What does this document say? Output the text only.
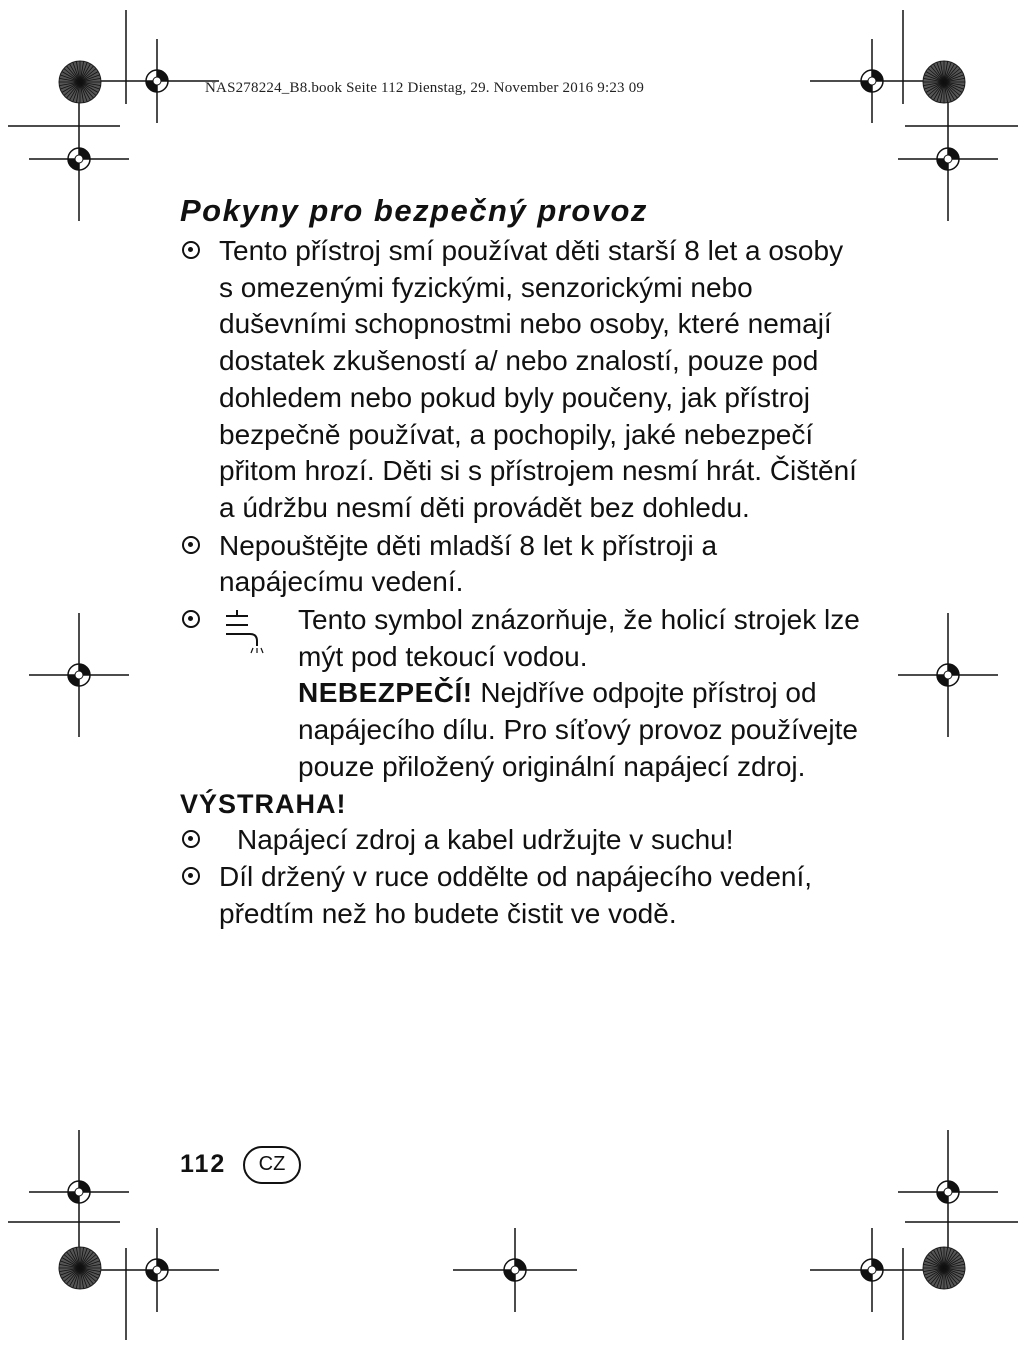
NAS278224_B8.book Seite 112 Dienstag, 29. November 2016 9:23 09
Pokyny pro bezpečný provoz
Tento přístroj smí používat děti starší 8 let a osoby s omezenými fyzickými, senzorickými nebo duševními schopnostmi nebo osoby, které nemají dostatek zkušeností a/ nebo znalostí, pouze pod dohledem nebo pokud byly poučeny, jak přístroj bezpečně používat, a pochopily, jaké nebezpečí přitom hrozí. Děti si s přístrojem nesmí hrát. Čištění a údržbu nesmí děti provádět bez dohledu.
Nepouštějte děti mladší 8 let k přístroji a napájecímu vedení.
Tento symbol znázorňuje, že holicí strojek lze mýt pod tekoucí vodou.
NEBEZPEČÍ! Nejdříve odpojte přístroj od napájecího dílu. Pro síťový provoz používejte pouze přiložený originální napájecí zdroj.
VÝSTRAHA!
Napájecí zdroj a kabel udržujte v suchu!
Díl držený v ruce oddělte od napájecího vedení, předtím než ho budete čistit ve vodě.
112	CZ
